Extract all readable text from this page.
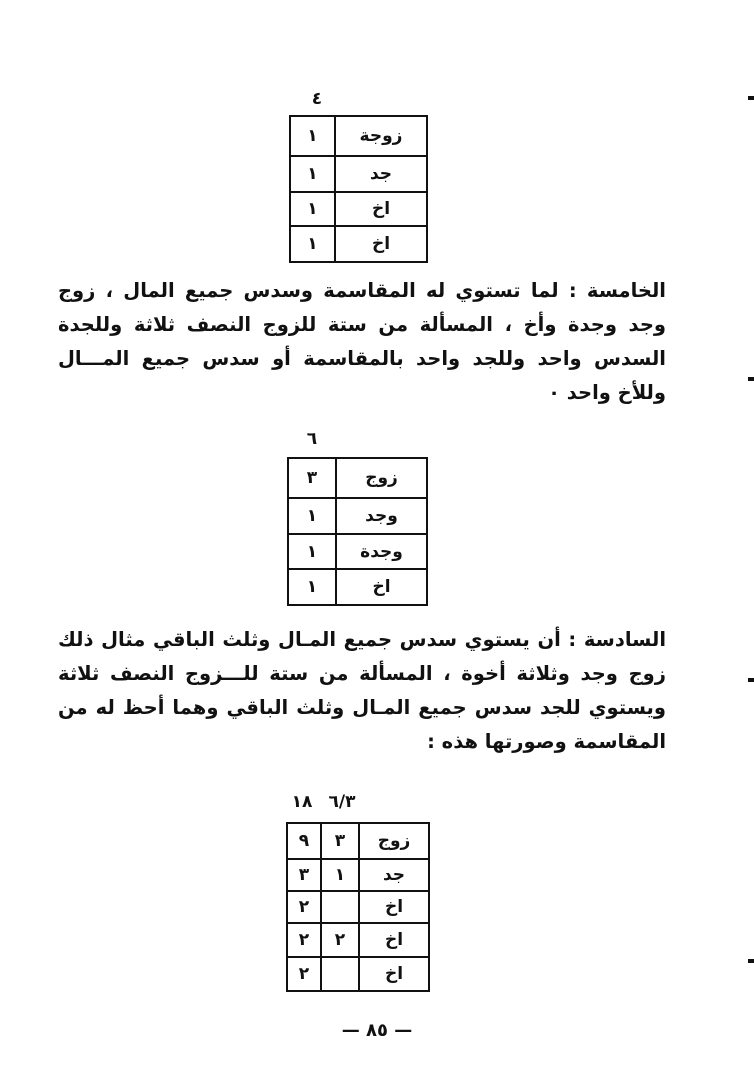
٤
زوجة	١
جد	١
اخ	١
اخ	١
الخامسة : لما تستوي له المقاسمة وسدس جميع المال ، زوج وجد وجدة وأخ ، المسألة من ستة للزوج النصف ثلاثة وللجدة السدس واحد وللجد واحد بالمقاسمة أو سدس جميع المـــال وللأخ واحد ٠
٦
زوج	٣
وجد	١
وجدة	١
اخ	١
السادسة : أن يستوي سدس جميع المـال وثلث الباقي مثال ذلك زوج وجد وثلاثة أخوة ، المسألة من ستة للـــزوج النصف ثلاثة ويستوي للجد سدس جميع المـال وثلث الباقي وهما أحظ له من المقاسمة وصورتها هذه :
٦/٣
١٨
زوج	٣	٩
جد	١	٣
اخ		٢
اخ	٢	٢
اخ		٢
— ٨٥ —
